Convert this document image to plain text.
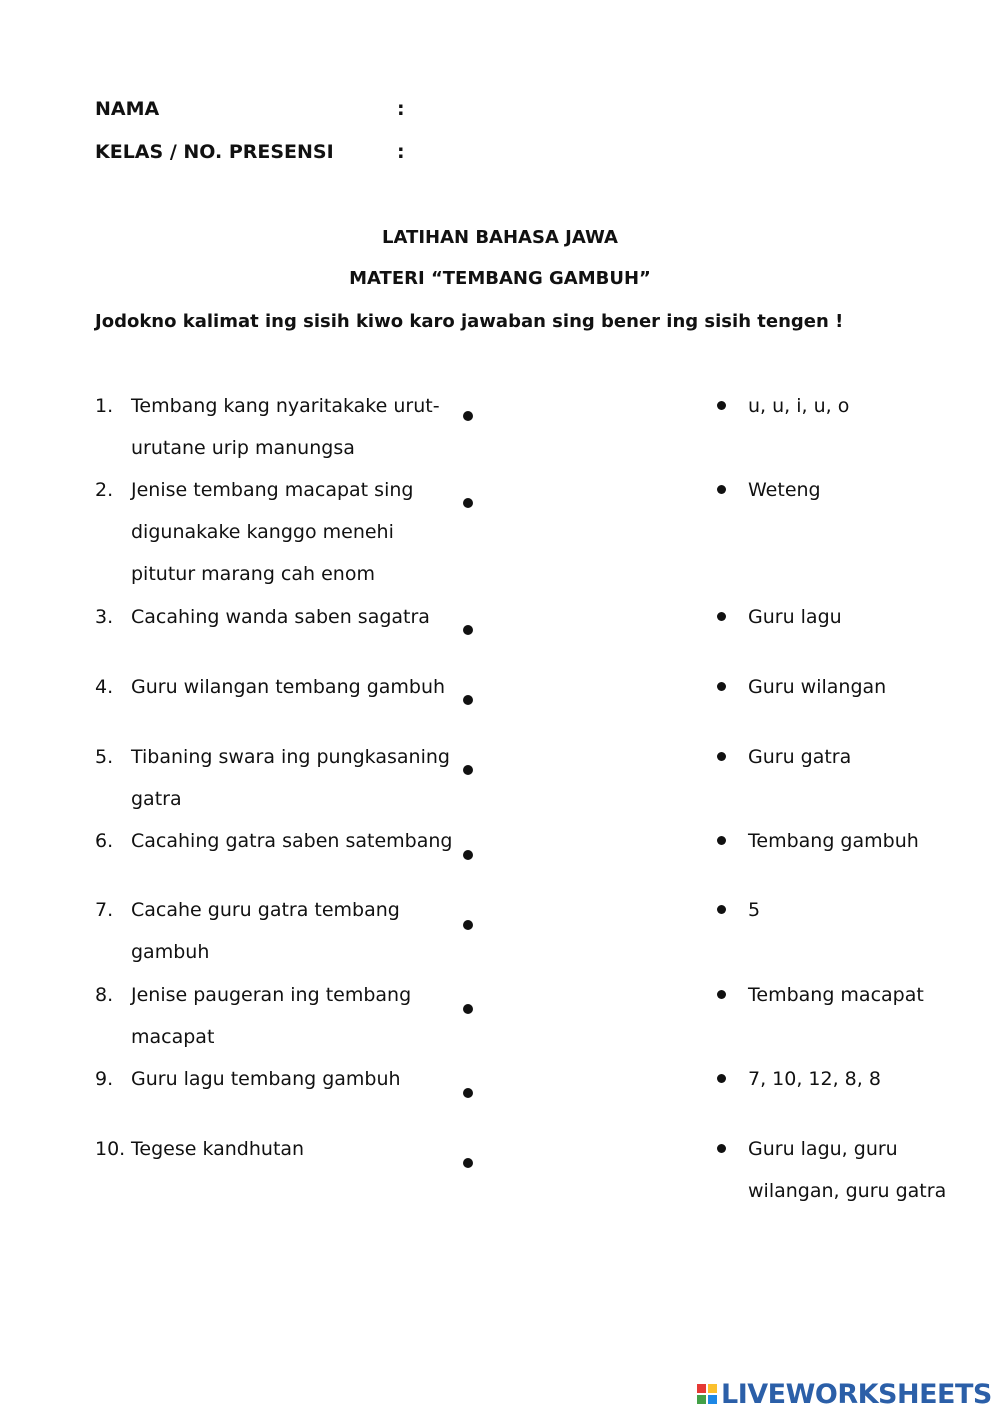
NAMA	:
KELAS / NO. PRESENSI	:
LATIHAN BAHASA JAWA
MATERI “TEMBANG GAMBUH”
Jodokno kalimat ing sisih kiwo karo jawaban sing bener ing sisih tengen !
1. Tembang kang nyaritakake urut-urutane urip manungsa
2. Jenise tembang macapat sing digunakake kanggo menehi pitutur marang cah enom
3. Cacahing wanda saben sagatra
4. Guru wilangan tembang gambuh
5. Tibaning swara ing pungkasaning gatra
6. Cacahing gatra saben satembang
7. Cacahe guru gatra tembang gambuh
8. Jenise paugeran ing tembang macapat
9. Guru lagu tembang gambuh
10. Tegese kandhutan
u, u, i, u, o
Weteng
Guru lagu
Guru wilangan
Guru gatra
Tembang gambuh
5
Tembang macapat
7, 10, 12, 8, 8
Guru lagu, guru wilangan, guru gatra
LIVEWORKSHEETS
